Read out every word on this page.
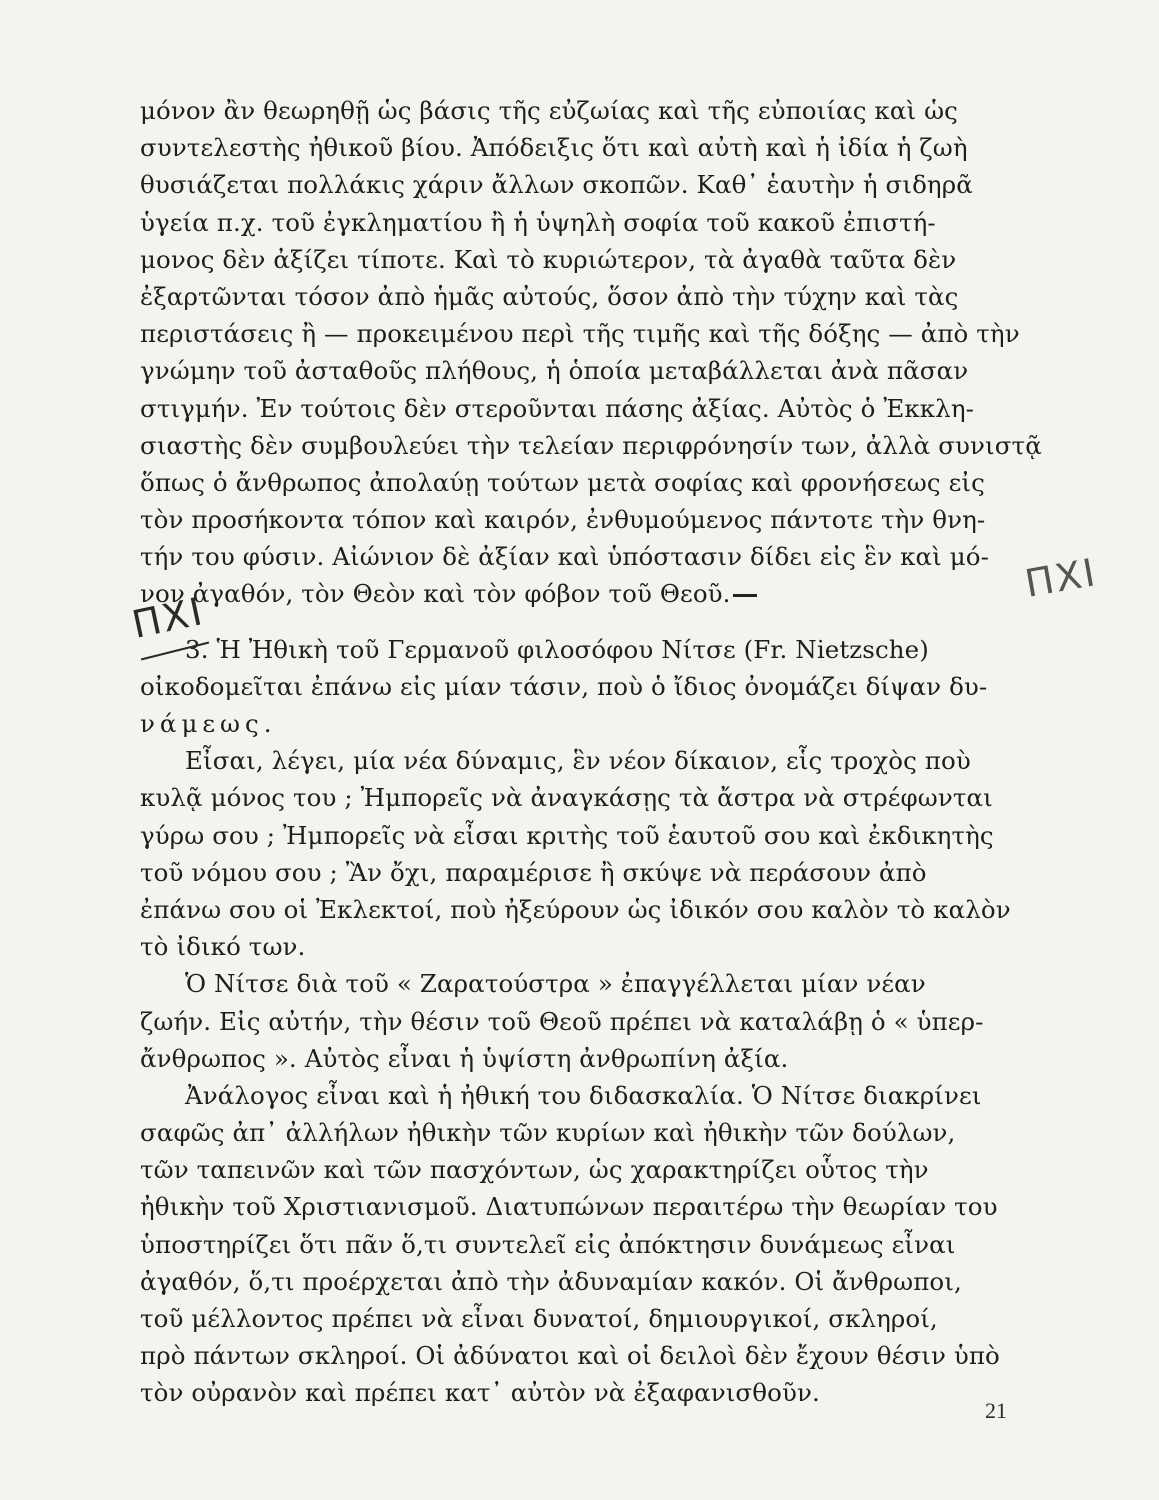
μόνον ἂν θεωρηθῇ ὡς βάσις τῆς εὐζωίας καὶ τῆς εὐποιίας καὶ ὡς
συντελεστὴς ἠθικοῦ βίου. Ἀπόδειξις ὅτι καὶ αὐτὴ καὶ ἡ ἰδία ἡ ζωὴ
θυσιάζεται πολλάκις χάριν ἄλλων σκοπῶν. Καθ᾽ ἑαυτὴν ἡ σιδηρᾶ
ὑγεία π.χ. τοῦ ἐγκληματίου ἢ ἡ ὑψηλὴ σοφία τοῦ κακοῦ ἐπιστή-
μονος δὲν ἀξίζει τίποτε. Καὶ τὸ κυριώτερον, τὰ ἀγαθὰ ταῦτα δὲν
ἐξαρτῶνται τόσον ἀπὸ ἡμᾶς αὐτούς, ὅσον ἀπὸ τὴν τύχην καὶ τὰς
περιστάσεις ἢ — προκειμένου περὶ τῆς τιμῆς καὶ τῆς δόξης — ἀπὸ τὴν
γνώμην τοῦ ἀσταθοῦς πλήθους, ἡ ὁποία μεταβάλλεται ἀνὰ πᾶσαν
στιγμήν. Ἐν τούτοις δὲν στεροῦνται πάσης ἀξίας. Αὐτὸς ὁ Ἐκκλη-
σιαστὴς δὲν συμβουλεύει τὴν τελείαν περιφρόνησίν των, ἀλλὰ συνιστᾷ
ὅπως ὁ ἄνθρωπος ἀπολαύῃ τούτων μετὰ σοφίας καὶ φρονήσεως εἰς
τὸν προσήκοντα τόπον καὶ καιρόν, ἐνθυμούμενος πάντοτε τὴν θνη-
τήν του φύσιν. Αἰώνιον δὲ ἀξίαν καὶ ὑπόστασιν δίδει εἰς ἓν καὶ μό-
νον ἀγαθόν, τὸν Θεὸν καὶ τὸν φόβον τοῦ Θεοῦ.
3. Ἡ Ἠθικὴ τοῦ Γερμανοῦ φιλοσόφου Νίτσε (Fr. Nietzsche)
οἰκοδομεῖται ἐπάνω εἰς μίαν τάσιν, ποὺ ὁ ἴδιος ὀνομάζει δίψαν δυ-
νάμεως.
Εἶσαι, λέγει, μία νέα δύναμις, ἓν νέον δίκαιον, εἷς τροχὸς ποὺ
κυλᾷ μόνος του ; Ἠμπορεῖς νὰ ἀναγκάσῃς τὰ ἄστρα νὰ στρέφωνται
γύρω σου ; Ἠμπορεῖς νὰ εἶσαι κριτὴς τοῦ ἑαυτοῦ σου καὶ ἐκδικητὴς
τοῦ νόμου σου ; Ἂν ὄχι, παραμέρισε ἢ σκύψε νὰ περάσουν ἀπὸ
ἐπάνω σου οἱ Ἐκλεκτοί, ποὺ ἠξεύρουν ὡς ἰδικόν σου καλὸν τὸ καλὸν
τὸ ἰδικό των.
Ὁ Νίτσε διὰ τοῦ « Ζαρατούστρα » ἐπαγγέλλεται μίαν νέαν
ζωήν. Εἰς αὐτήν, τὴν θέσιν τοῦ Θεοῦ πρέπει νὰ καταλάβῃ ὁ « ὑπερ-
ἄνθρωπος ». Αὐτὸς εἶναι ἡ ὑψίστη ἀνθρωπίνη ἀξία.
Ἀνάλογος εἶναι καὶ ἡ ἠθική του διδασκαλία. Ὁ Νίτσε διακρίνει
σαφῶς ἀπ᾽ ἀλλήλων ἠθικὴν τῶν κυρίων καὶ ἠθικὴν τῶν δούλων,
τῶν ταπεινῶν καὶ τῶν πασχόντων, ὡς χαρακτηρίζει οὗτος τὴν
ἠθικὴν τοῦ Χριστιανισμοῦ. Διατυπώνων περαιτέρω τὴν θεωρίαν του
ὑποστηρίζει ὅτι πᾶν ὅ,τι συντελεῖ εἰς ἀπόκτησιν δυνάμεως εἶναι
ἀγαθόν, ὅ,τι προέρχεται ἀπὸ τὴν ἀδυναμίαν κακόν. Οἱ ἄνθρωποι,
τοῦ μέλλοντος πρέπει νὰ εἶναι δυνατοί, δημιουργικοί, σκληροί,
πρὸ πάντων σκληροί. Οἱ ἀδύνατοι καὶ οἱ δειλοὶ δὲν ἔχουν θέσιν ὑπὸ
τὸν οὐρανὸν καὶ πρέπει κατ᾽ αὐτὸν νὰ ἐξαφανισθοῦν.
ΠΧΙ
ΠΧΙ
21
